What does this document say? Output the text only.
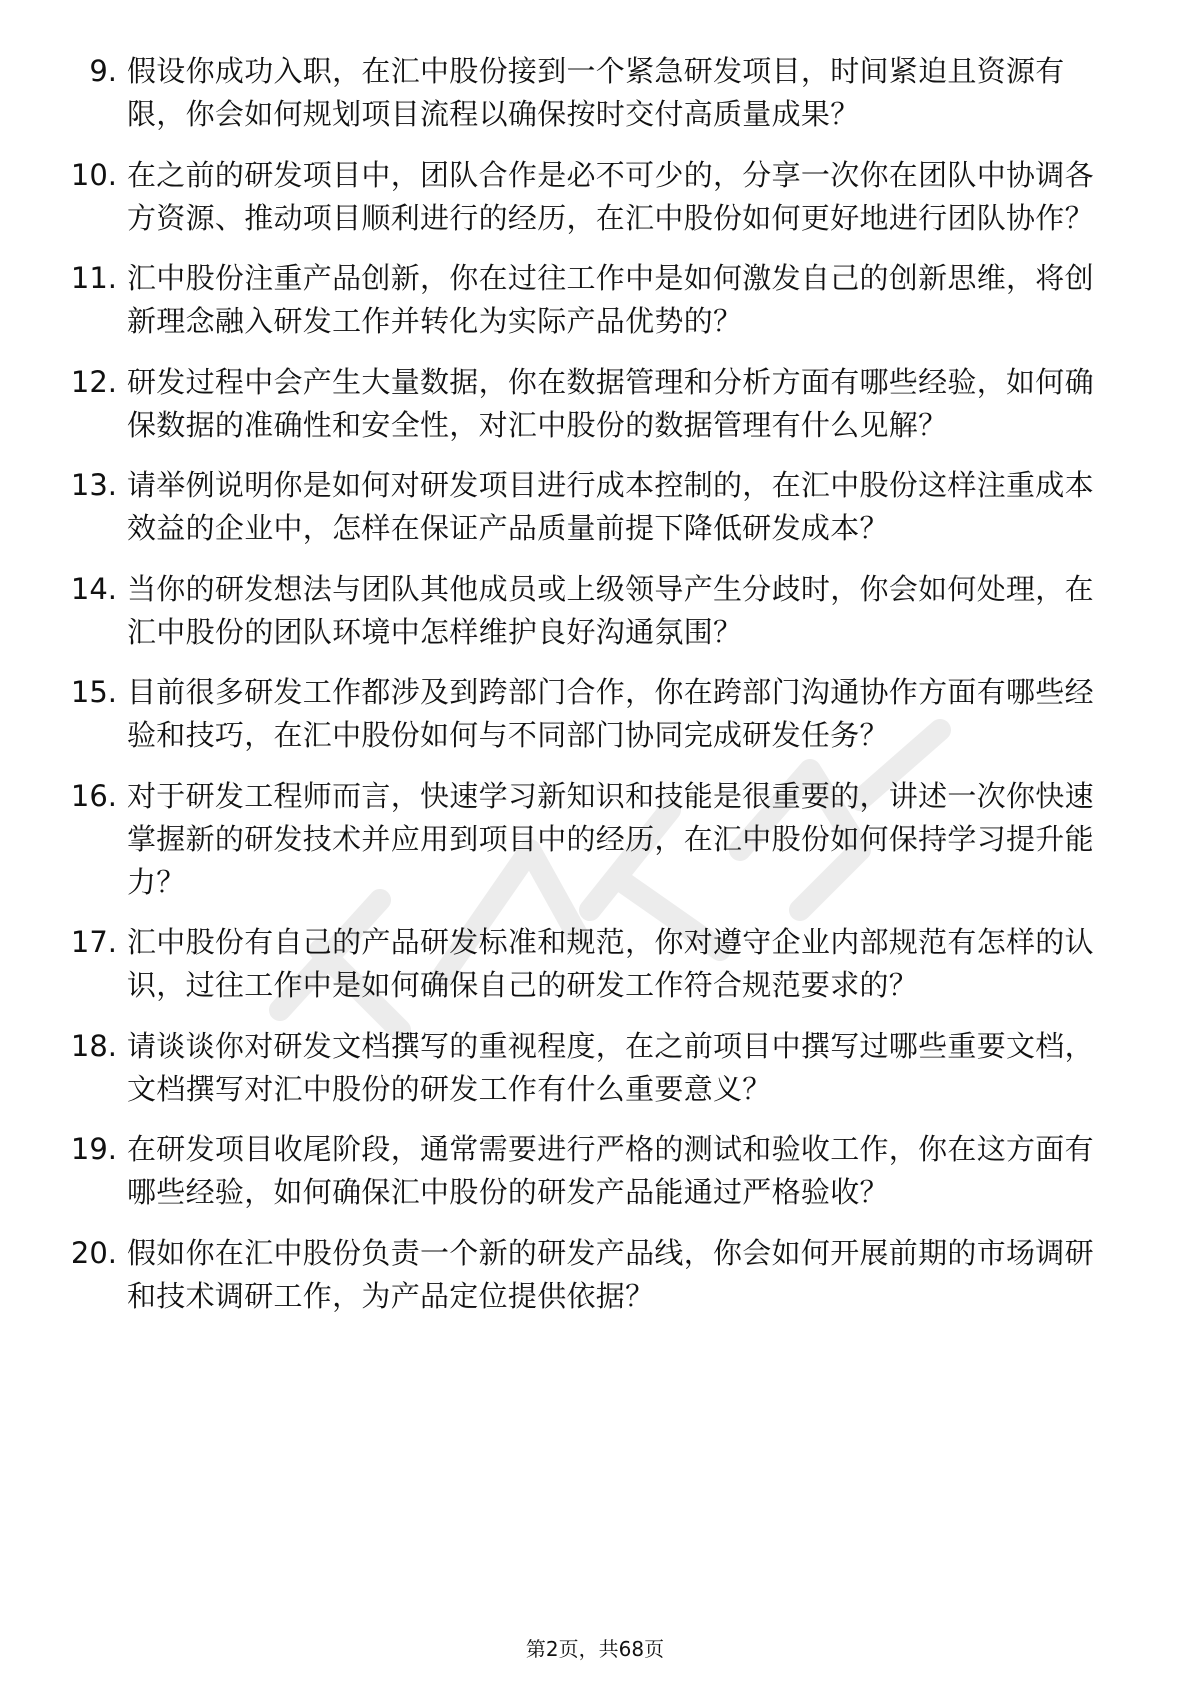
9. 假设你成功入职，在汇中股份接到一个紧急研发项目，时间紧迫且资源有限，你会如何规划项目流程以确保按时交付高质量成果？
10. 在之前的研发项目中，团队合作是必不可少的，分享一次你在团队中协调各方资源、推动项目顺利进行的经历，在汇中股份如何更好地进行团队协作？
11. 汇中股份注重产品创新，你在过往工作中是如何激发自己的创新思维，将创新理念融入研发工作并转化为实际产品优势的？
12. 研发过程中会产生大量数据，你在数据管理和分析方面有哪些经验，如何确保数据的准确性和安全性，对汇中股份的数据管理有什么见解？
13. 请举例说明你是如何对研发项目进行成本控制的，在汇中股份这样注重成本效益的企业中，怎样在保证产品质量前提下降低研发成本？
14. 当你的研发想法与团队其他成员或上级领导产生分歧时，你会如何处理，在汇中股份的团队环境中怎样维护良好沟通氛围？
15. 目前很多研发工作都涉及到跨部门合作，你在跨部门沟通协作方面有哪些经验和技巧，在汇中股份如何与不同部门协同完成研发任务？
16. 对于研发工程师而言，快速学习新知识和技能是很重要的，讲述一次你快速掌握新的研发技术并应用到项目中的经历，在汇中股份如何保持学习提升能力？
17. 汇中股份有自己的产品研发标准和规范，你对遵守企业内部规范有怎样的认识，过往工作中是如何确保自己的研发工作符合规范要求的？
18. 请谈谈你对研发文档撰写的重视程度，在之前项目中撰写过哪些重要文档，文档撰写对汇中股份的研发工作有什么重要意义？
19. 在研发项目收尾阶段，通常需要进行严格的测试和验收工作，你在这方面有哪些经验，如何确保汇中股份的研发产品能通过严格验收？
20. 假如你在汇中股份负责一个新的研发产品线，你会如何开展前期的市场调研和技术调研工作，为产品定位提供依据？
第2页，共68页
